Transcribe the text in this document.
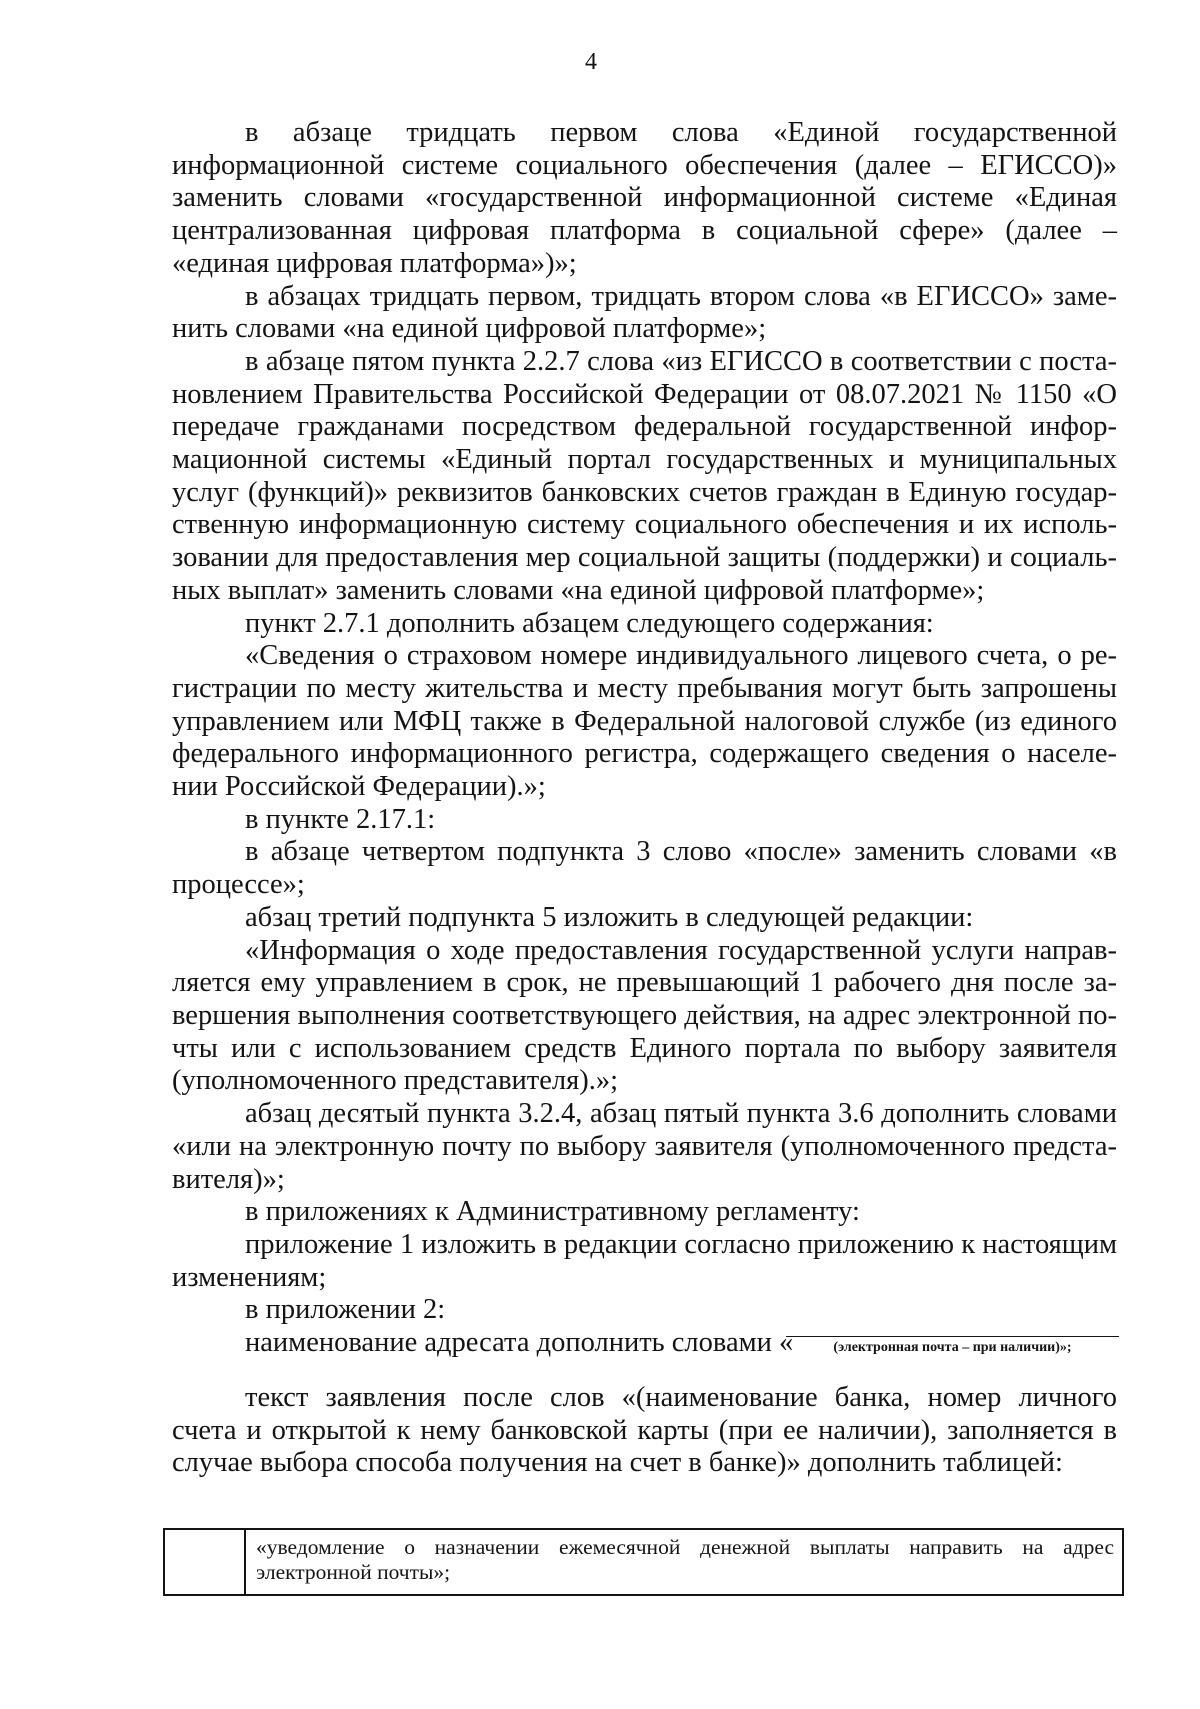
4

в абзаце тридцать первом слова «Единой государственной информационной системе социального обеспечения (далее – ЕГИССО)» заменить словами «государственной информационной системе «Единая централизованная цифровая платформа в социальной сфере» (далее – «единая цифровая платформа»)»;

в абзацах тридцать первом, тридцать втором слова «в ЕГИССО» заменить словами «на единой цифровой платформе»;

в абзаце пятом пункта 2.2.7 слова «из ЕГИССО в соответствии с постановлением Правительства Российской Федерации от 08.07.2021 № 1150 «О передаче гражданами посредством федеральной государственной информационной системы «Единый портал государственных и муниципальных услуг (функций)» реквизитов банковских счетов граждан в Единую государственную информационную систему социального обеспечения и их использовании для предоставления мер социальной защиты (поддержки) и социальных выплат» заменить словами «на единой цифровой платформе»;

пункт 2.7.1 дополнить абзацем следующего содержания:

«Сведения о страховом номере индивидуального лицевого счета, о регистрации по месту жительства и месту пребывания могут быть запрошены управлением или МФЦ также в Федеральной налоговой службе (из единого федерального информационного регистра, содержащего сведения о населении Российской Федерации).»;

в пункте 2.17.1:

в абзаце четвертом подпункта 3 слово «после» заменить словами «в процессе»;

абзац третий подпункта 5 изложить в следующей редакции:

«Информация о ходе предоставления государственной услуги направляется ему управлением в срок, не превышающий 1 рабочего дня после завершения выполнения соответствующего действия, на адрес электронной почты или с использованием средств Единого портала по выбору заявителя (уполномоченного представителя).»;

абзац десятый пункта 3.2.4, абзац пятый пункта 3.6 дополнить словами «или на электронную почту по выбору заявителя (уполномоченного представителя)»;

в приложениях к Административному регламенту:

приложение 1 изложить в редакции согласно приложению к настоящим изменениям;

в приложении 2:

наименование адресата дополнить словами «	(электронная почта – при наличии)»;

текст заявления после слов «(наименование банка, номер личного счета и открытой к нему банковской карты (при ее наличии), заполняется в случае выбора способа получения на счет в банке)» дополнить таблицей:

«уведомление о назначении ежемесячной денежной выплаты направить на адрес электронной почты»;
